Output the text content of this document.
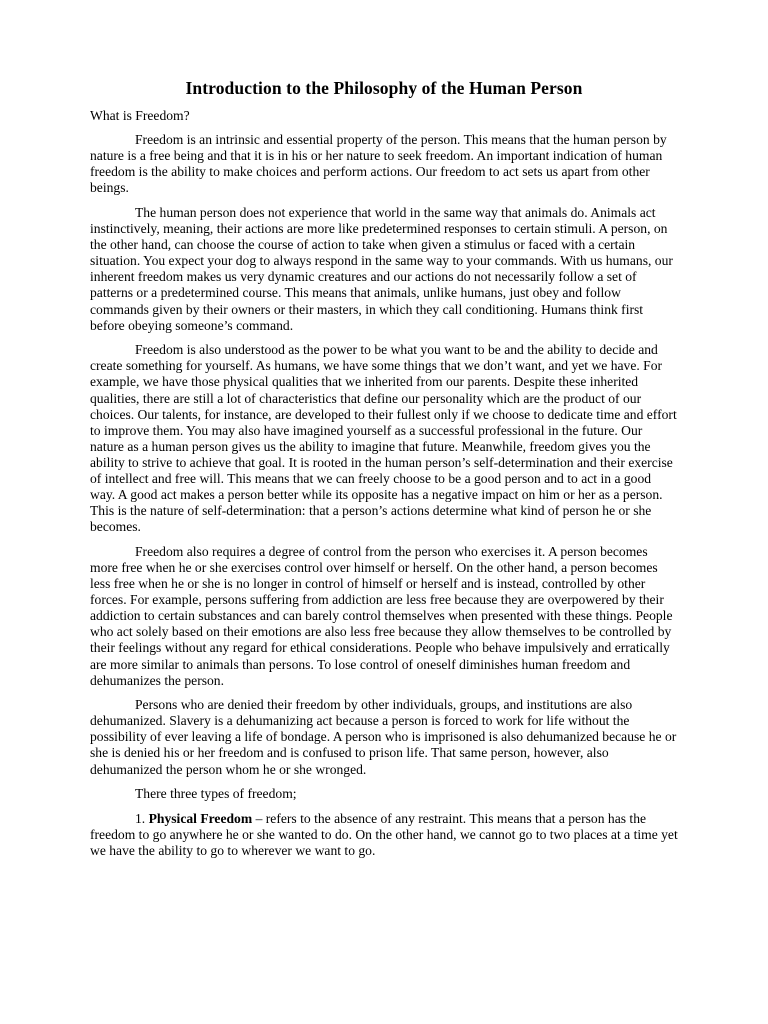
Introduction to the Philosophy of the Human Person

What is Freedom?

Freedom is an intrinsic and essential property of the person. This means that the human person by nature is a free being and that it is in his or her nature to seek freedom. An important indication of human freedom is the ability to make choices and perform actions. Our freedom to act sets us apart from other beings.

The human person does not experience that world in the same way that animals do. Animals act instinctively, meaning, their actions are more like predetermined responses to certain stimuli. A person, on the other hand, can choose the course of action to take when given a stimulus or faced with a certain situation. You expect your dog to always respond in the same way to your commands. With us humans, our inherent freedom makes us very dynamic creatures and our actions do not necessarily follow a set of patterns or a predetermined course. This means that animals, unlike humans, just obey and follow commands given by their owners or their masters, in which they call conditioning. Humans think first before obeying someone’s command.

Freedom is also understood as the power to be what you want to be and the ability to decide and create something for yourself. As humans, we have some things that we don’t want, and yet we have. For example, we have those physical qualities that we inherited from our parents. Despite these inherited qualities, there are still a lot of characteristics that define our personality which are the product of our choices. Our talents, for instance, are developed to their fullest only if we choose to dedicate time and effort to improve them. You may also have imagined yourself as a successful professional in the future. Our nature as a human person gives us the ability to imagine that future. Meanwhile, freedom gives you the ability to strive to achieve that goal. It is rooted in the human person’s self-determination and their exercise of intellect and free will. This means that we can freely choose to be a good person and to act in a good way. A good act makes a person better while its opposite has a negative impact on him or her as a person. This is the nature of self-determination: that a person’s actions determine what kind of person he or she becomes.

Freedom also requires a degree of control from the person who exercises it. A person becomes more free when he or she exercises control over himself or herself. On the other hand, a person becomes less free when he or she is no longer in control of himself or herself and is instead, controlled by other forces. For example, persons suffering from addiction are less free because they are overpowered by their addiction to certain substances and can barely control themselves when presented with these things. People who act solely based on their emotions are also less free because they allow themselves to be controlled by their feelings without any regard for ethical considerations. People who behave impulsively and erratically are more similar to animals than persons. To lose control of oneself diminishes human freedom and dehumanizes the person.

Persons who are denied their freedom by other individuals, groups, and institutions are also dehumanized. Slavery is a dehumanizing act because a person is forced to work for life without the possibility of ever leaving a life of bondage. A person who is imprisoned is also dehumanized because he or she is denied his or her freedom and is confused to prison life. That same person, however, also dehumanized the person whom he or she wronged.

There three types of freedom;

1. Physical Freedom – refers to the absence of any restraint. This means that a person has the freedom to go anywhere he or she wanted to do. On the other hand, we cannot go to two places at a time yet we have the ability to go to wherever we want to go.
